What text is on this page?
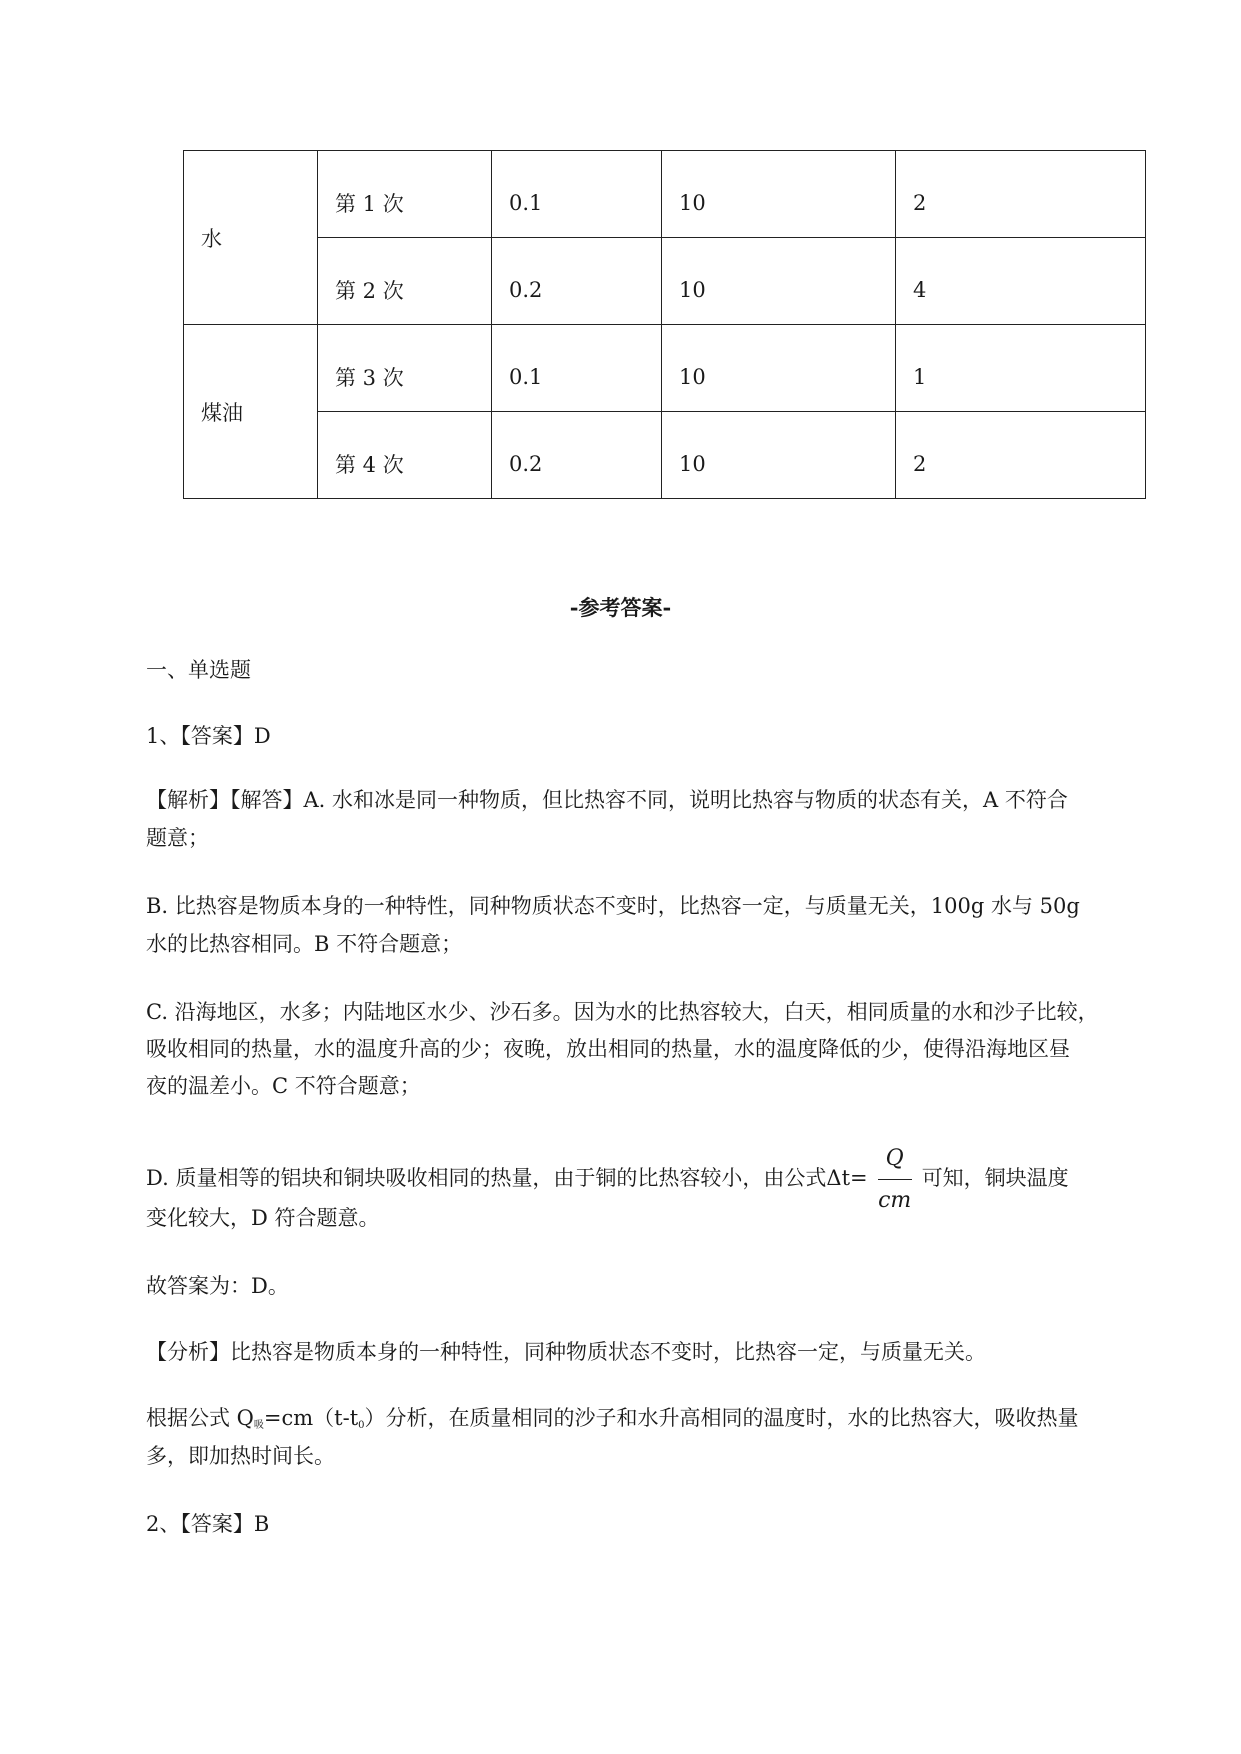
水	第 1 次	0.1	10	2
	第 2 次	0.2	10	4
煤油	第 3 次	0.1	10	1
	第 4 次	0.2	10	2
-参考答案-
一、单选题
1、【答案】D
【解析】【解答】A. 水和冰是同一种物质，但比热容不同，说明比热容与物质的状态有关，A 不符合
题意；
B. 比热容是物质本身的一种特性，同种物质状态不变时，比热容一定，与质量无关，100g 水与 50g
水的比热容相同。B 不符合题意；
C. 沿海地区，水多；内陆地区水少、沙石多。因为水的比热容较大，白天，相同质量的水和沙子比较，
吸收相同的热量，水的温度升高的少；夜晚，放出相同的热量，水的温度降低的少，使得沿海地区昼
夜的温差小。C 不符合题意；
D. 质量相等的铝块和铜块吸收相同的热量，由于铜的比热容较小，由公式$\Delta t= \frac{Q}{cm}$ 可知，铜块温度
变化较大，D 符合题意。
故答案为：D。
【分析】比热容是物质本身的一种特性，同种物质状态不变时，比热容一定，与质量无关。
根据公式 $Q_吸=cm(t-t_0)$分析，在质量相同的沙子和水升高相同的温度时，水的比热容大，吸收热量
多，即加热时间长。
2、【答案】B
